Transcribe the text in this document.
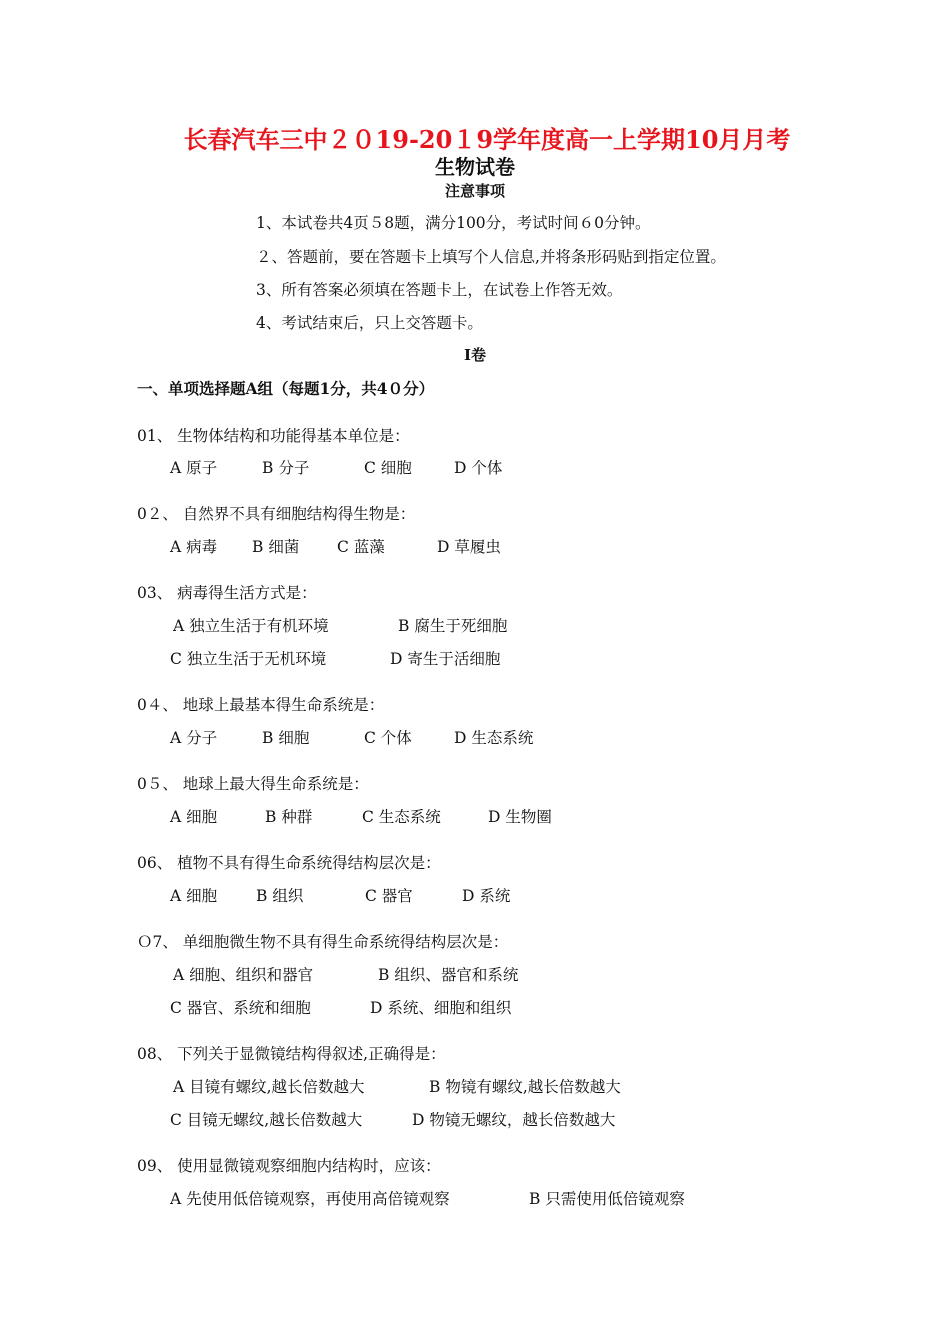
长春汽车三中２０19-20１9学年度高一上学期10月月考
生物试卷
注意事项
1、本试卷共4页５8题，满分100分，考试时间６0分钟。
２、答题前，要在答题卡上填写个人信息,并将条形码贴到指定位置。
3、所有答案必须填在答题卡上，在试卷上作答无效。
4、考试结束后，只上交答题卡。
Ⅰ卷
一、单项选择题A组（每题1分，共4０分）
01、 生物体结构和功能得基本单位是：
A 原子	B 分子	C 细胞	D 个体
0２、 自然界不具有细胞结构得生物是：
A 病毒 B 细菌 C 蓝藻	D 草履虫
03、 病毒得生活方式是：
A 独立生活于有机环境	B 腐生于死细胞
C 独立生活于无机环境	D 寄生于活细胞
0４、 地球上最基本得生命系统是：
A 分子	B 细胞	C 个体	D 生态系统
0５、 地球上最大得生命系统是：
A 细胞	B 种群	C 生态系统	D 生物圈
06、 植物不具有得生命系统得结构层次是：
A 细胞	B 组织	C 器官	D 系统
Ｏ7、 单细胞微生物不具有得生命系统得结构层次是：
A 细胞、组织和器官	B 组织、器官和系统
C 器官、系统和细胞	D 系统、细胞和组织
08、 下列关于显微镜结构得叙述,正确得是：
A 目镜有螺纹,越长倍数越大	B 物镜有螺纹,越长倍数越大
C 目镜无螺纹,越长倍数越大	D 物镜无螺纹，越长倍数越大
09、 使用显微镜观察细胞内结构时，应该：
A 先使用低倍镜观察，再使用高倍镜观察	B 只需使用低倍镜观察
